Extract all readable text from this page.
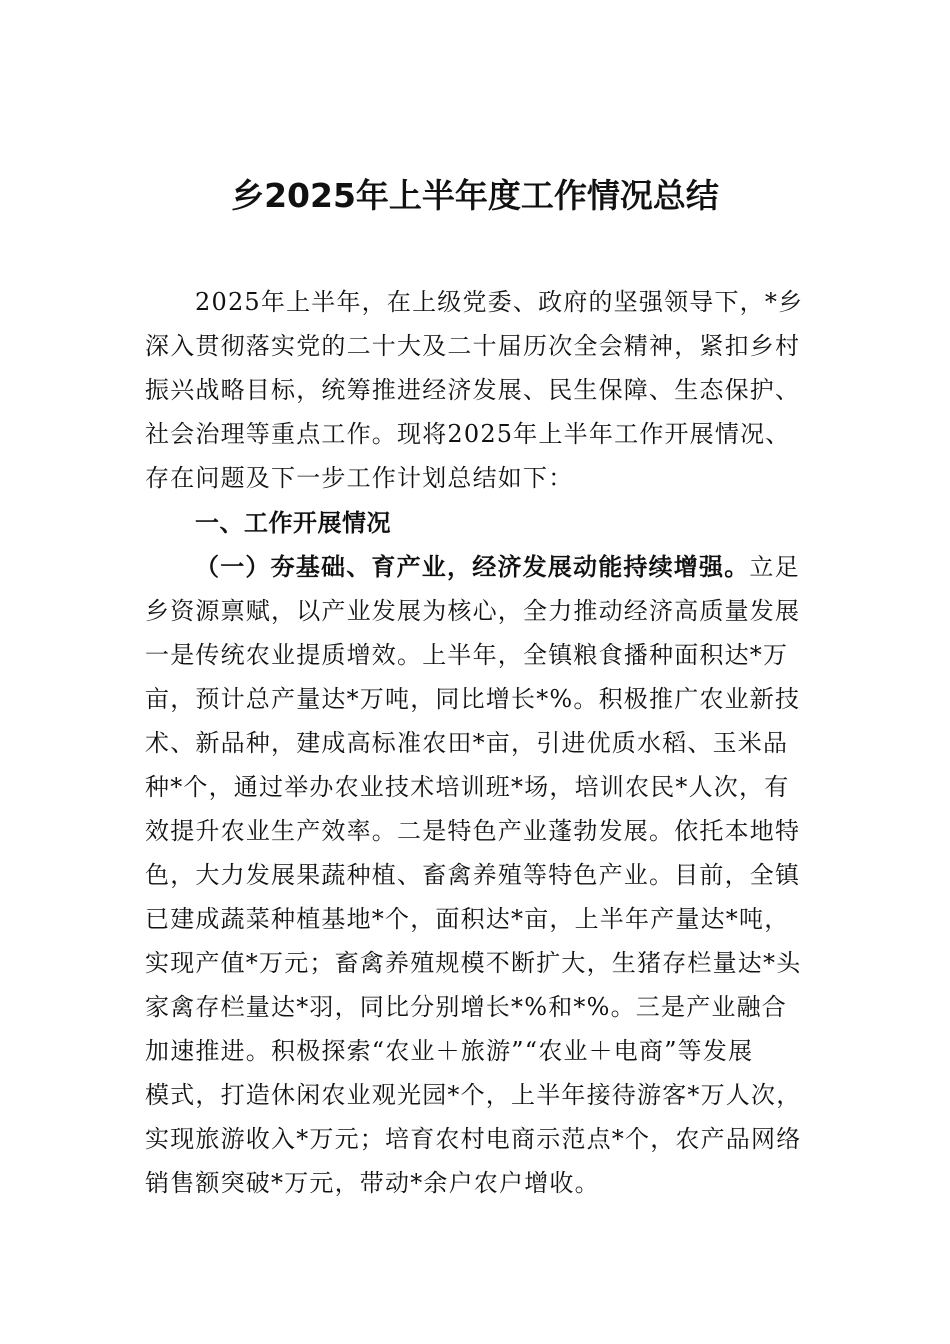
乡2025年上半年度工作情况总结
2025年上半年，在上级党委、政府的坚强领导下，*乡
深入贯彻落实党的二十大及二十届历次全会精神，紧扣乡村
振兴战略目标，统筹推进经济发展、民生保障、生态保护、
社会治理等重点工作。现将2025年上半年工作开展情况、
存在问题及下一步工作计划总结如下：
一、工作开展情况
（一）夯基础、育产业，经济发展动能持续增强。立足
乡资源禀赋，以产业发展为核心，全力推动经济高质量发展
一是传统农业提质增效。上半年，全镇粮食播种面积达*万
亩，预计总产量达*万吨，同比增长*%。积极推广农业新技
术、新品种，建成高标准农田*亩，引进优质水稻、玉米品
种*个，通过举办农业技术培训班*场，培训农民*人次，有
效提升农业生产效率。二是特色产业蓬勃发展。依托本地特
色，大力发展果蔬种植、畜禽养殖等特色产业。目前，全镇
已建成蔬菜种植基地*个，面积达*亩，上半年产量达*吨，
实现产值*万元；畜禽养殖规模不断扩大，生猪存栏量达*头
家禽存栏量达*羽，同比分别增长*%和*%。三是产业融合
加速推进。积极探索“农业＋旅游”“农业＋电商”等发展
模式，打造休闲农业观光园*个，上半年接待游客*万人次，
实现旅游收入*万元；培育农村电商示范点*个，农产品网络
销售额突破*万元，带动*余户农户增收。
